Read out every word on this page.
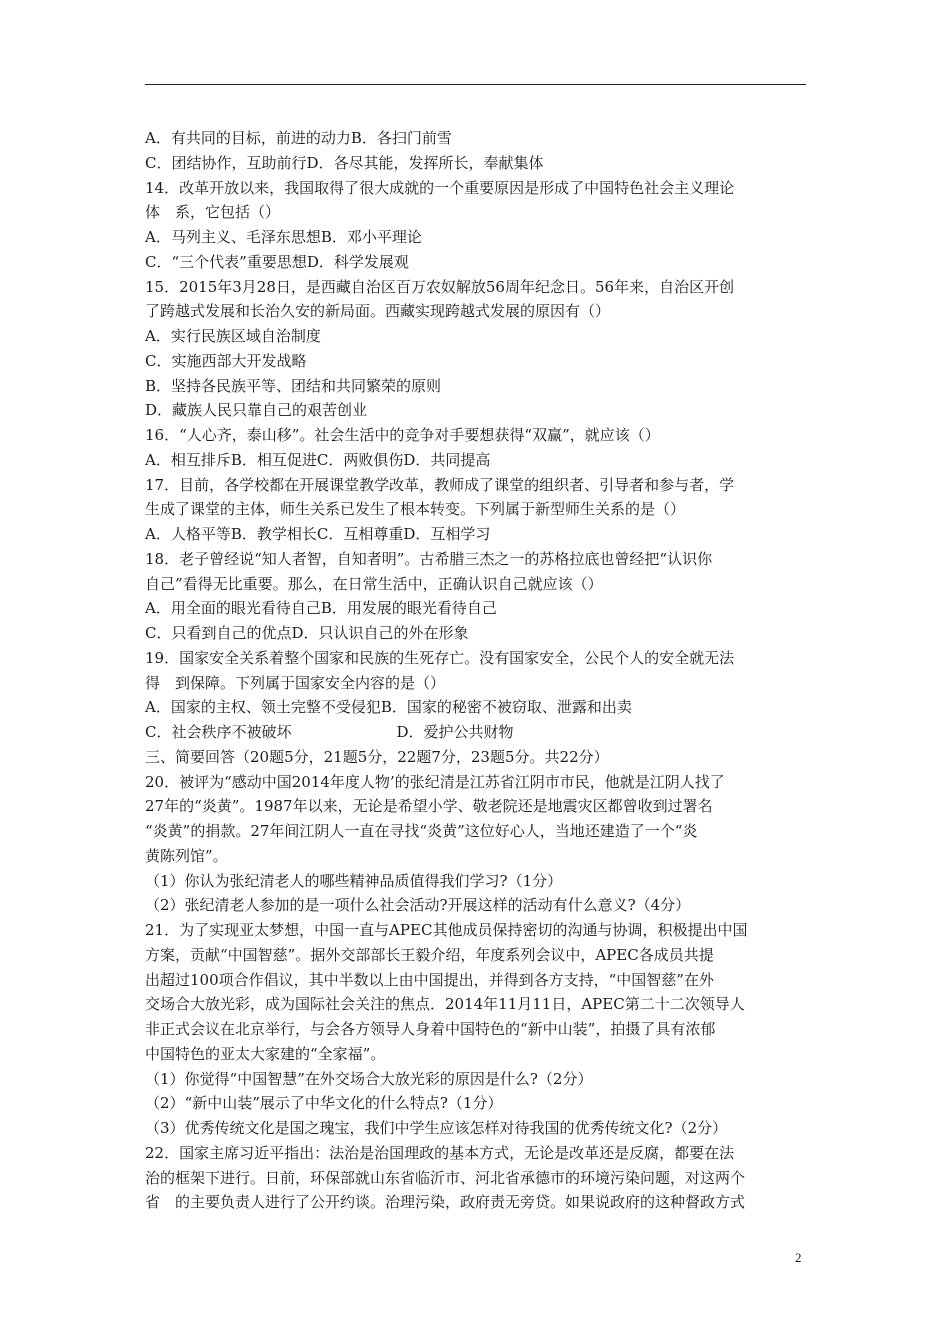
A．有共同的目标，前进的动力B．各扫门前雪
C．团结协作，互助前行D．各尽其能，发挥所长，奉献集体
14．改革开放以来，我国取得了很大成就的一个重要原因是形成了中国特色社会主义理论
体　系，它包括（）
A．马列主义、毛泽东思想B．邓小平理论
C．“三个代表”重要思想D．科学发展观
15．2015年3月28日，是西藏自治区百万农奴解放56周年纪念日。56年来，自治区开创
了跨越式发展和长治久安的新局面。西藏实现跨越式发展的原因有（）
A．实行民族区域自治制度
C．实施西部大开发战略
B．坚持各民族平等、团结和共同繁荣的原则
D．藏族人民只靠自己的艰苦创业
16．“人心齐，泰山移”。社会生活中的竞争对手要想获得“双赢”，就应该（）
A．相互排斥B．相互促进C．两败俱伤D．共同提高
17．目前，各学校都在开展课堂教学改革，教师成了课堂的组织者、引导者和参与者，学
生成了课堂的主体，师生关系已发生了根本转变。下列属于新型师生关系的是（）
A．人格平等B．教学相长C．互相尊重D．互相学习
18．老子曾经说“知人者智，自知者明”。古希腊三杰之一的苏格拉底也曾经把“认识你
自己”看得无比重要。那么，在日常生活中，正确认识自己就应该（）
A．用全面的眼光看待自己B．用发展的眼光看待自己
C．只看到自己的优点D．只认识自己的外在形象
19．国家安全关系着整个国家和民族的生死存亡。没有国家安全，公民个人的安全就无法
得　到保障。下列属于国家安全内容的是（）
A．国家的主权、领土完整不受侵犯B．国家的秘密不被窃取、泄露和出卖
C．社会秩序不被破坏　　　　　　　D．爱护公共财物
三、简要回答（20题5分，21题5分，22题7分，23题5分。共22分）
20．被评为“感动中国2014年度人物’的张纪清是江苏省江阴市市民，他就是江阴人找了
27年的“炎黄”。1987年以来，无论是希望小学、敬老院还是地震灾区都曾收到过署名
“炎黄”的捐款。27年间江阴人一直在寻找“炎黄”这位好心人，当地还建造了一个“炎
黄陈列馆”。
（1）你认为张纪清老人的哪些精神品质值得我们学习?（1分）
（2）张纪清老人参加的是一项什么社会活动?开展这样的活动有什么意义?（4分）
21．为了实现亚太梦想，中国一直与APEC其他成员保持密切的沟通与协调，积极提出中国
方案，贡献“中国智慈”。据外交部部长王毅介绍，年度系列会议中，APEC各成员共提
出超过100项合作倡议，其中半数以上由中国提出，并得到各方支持，“中国智慈”在外
交场合大放光彩，成为国际社会关注的焦点．2014年11月11日，APEC第二十二次领导人
非正式会议在北京举行，与会各方领导人身着中国特色的“新中山装”，拍摄了具有浓郁
中国特色的亚太大家建的“全家福”。
（1）你觉得“中国智慧”在外交场合大放光彩的原因是什么?（2分）
（2）“新中山装”展示了中华文化的什么特点?（1分）
（3）优秀传统文化是国之瑰宝，我们中学生应该怎样对待我国的优秀传统文化?（2分）
22．国家主席习近平指出：法治是治国理政的基本方式，无论是改革还是反腐，都要在法
治的框架下进行。日前，环保部就山东省临沂市、河北省承德市的环境污染问题，对这两个
省　的主要负责人进行了公开约谈。治理污染，政府责无旁贷。如果说政府的这种督政方式
2
